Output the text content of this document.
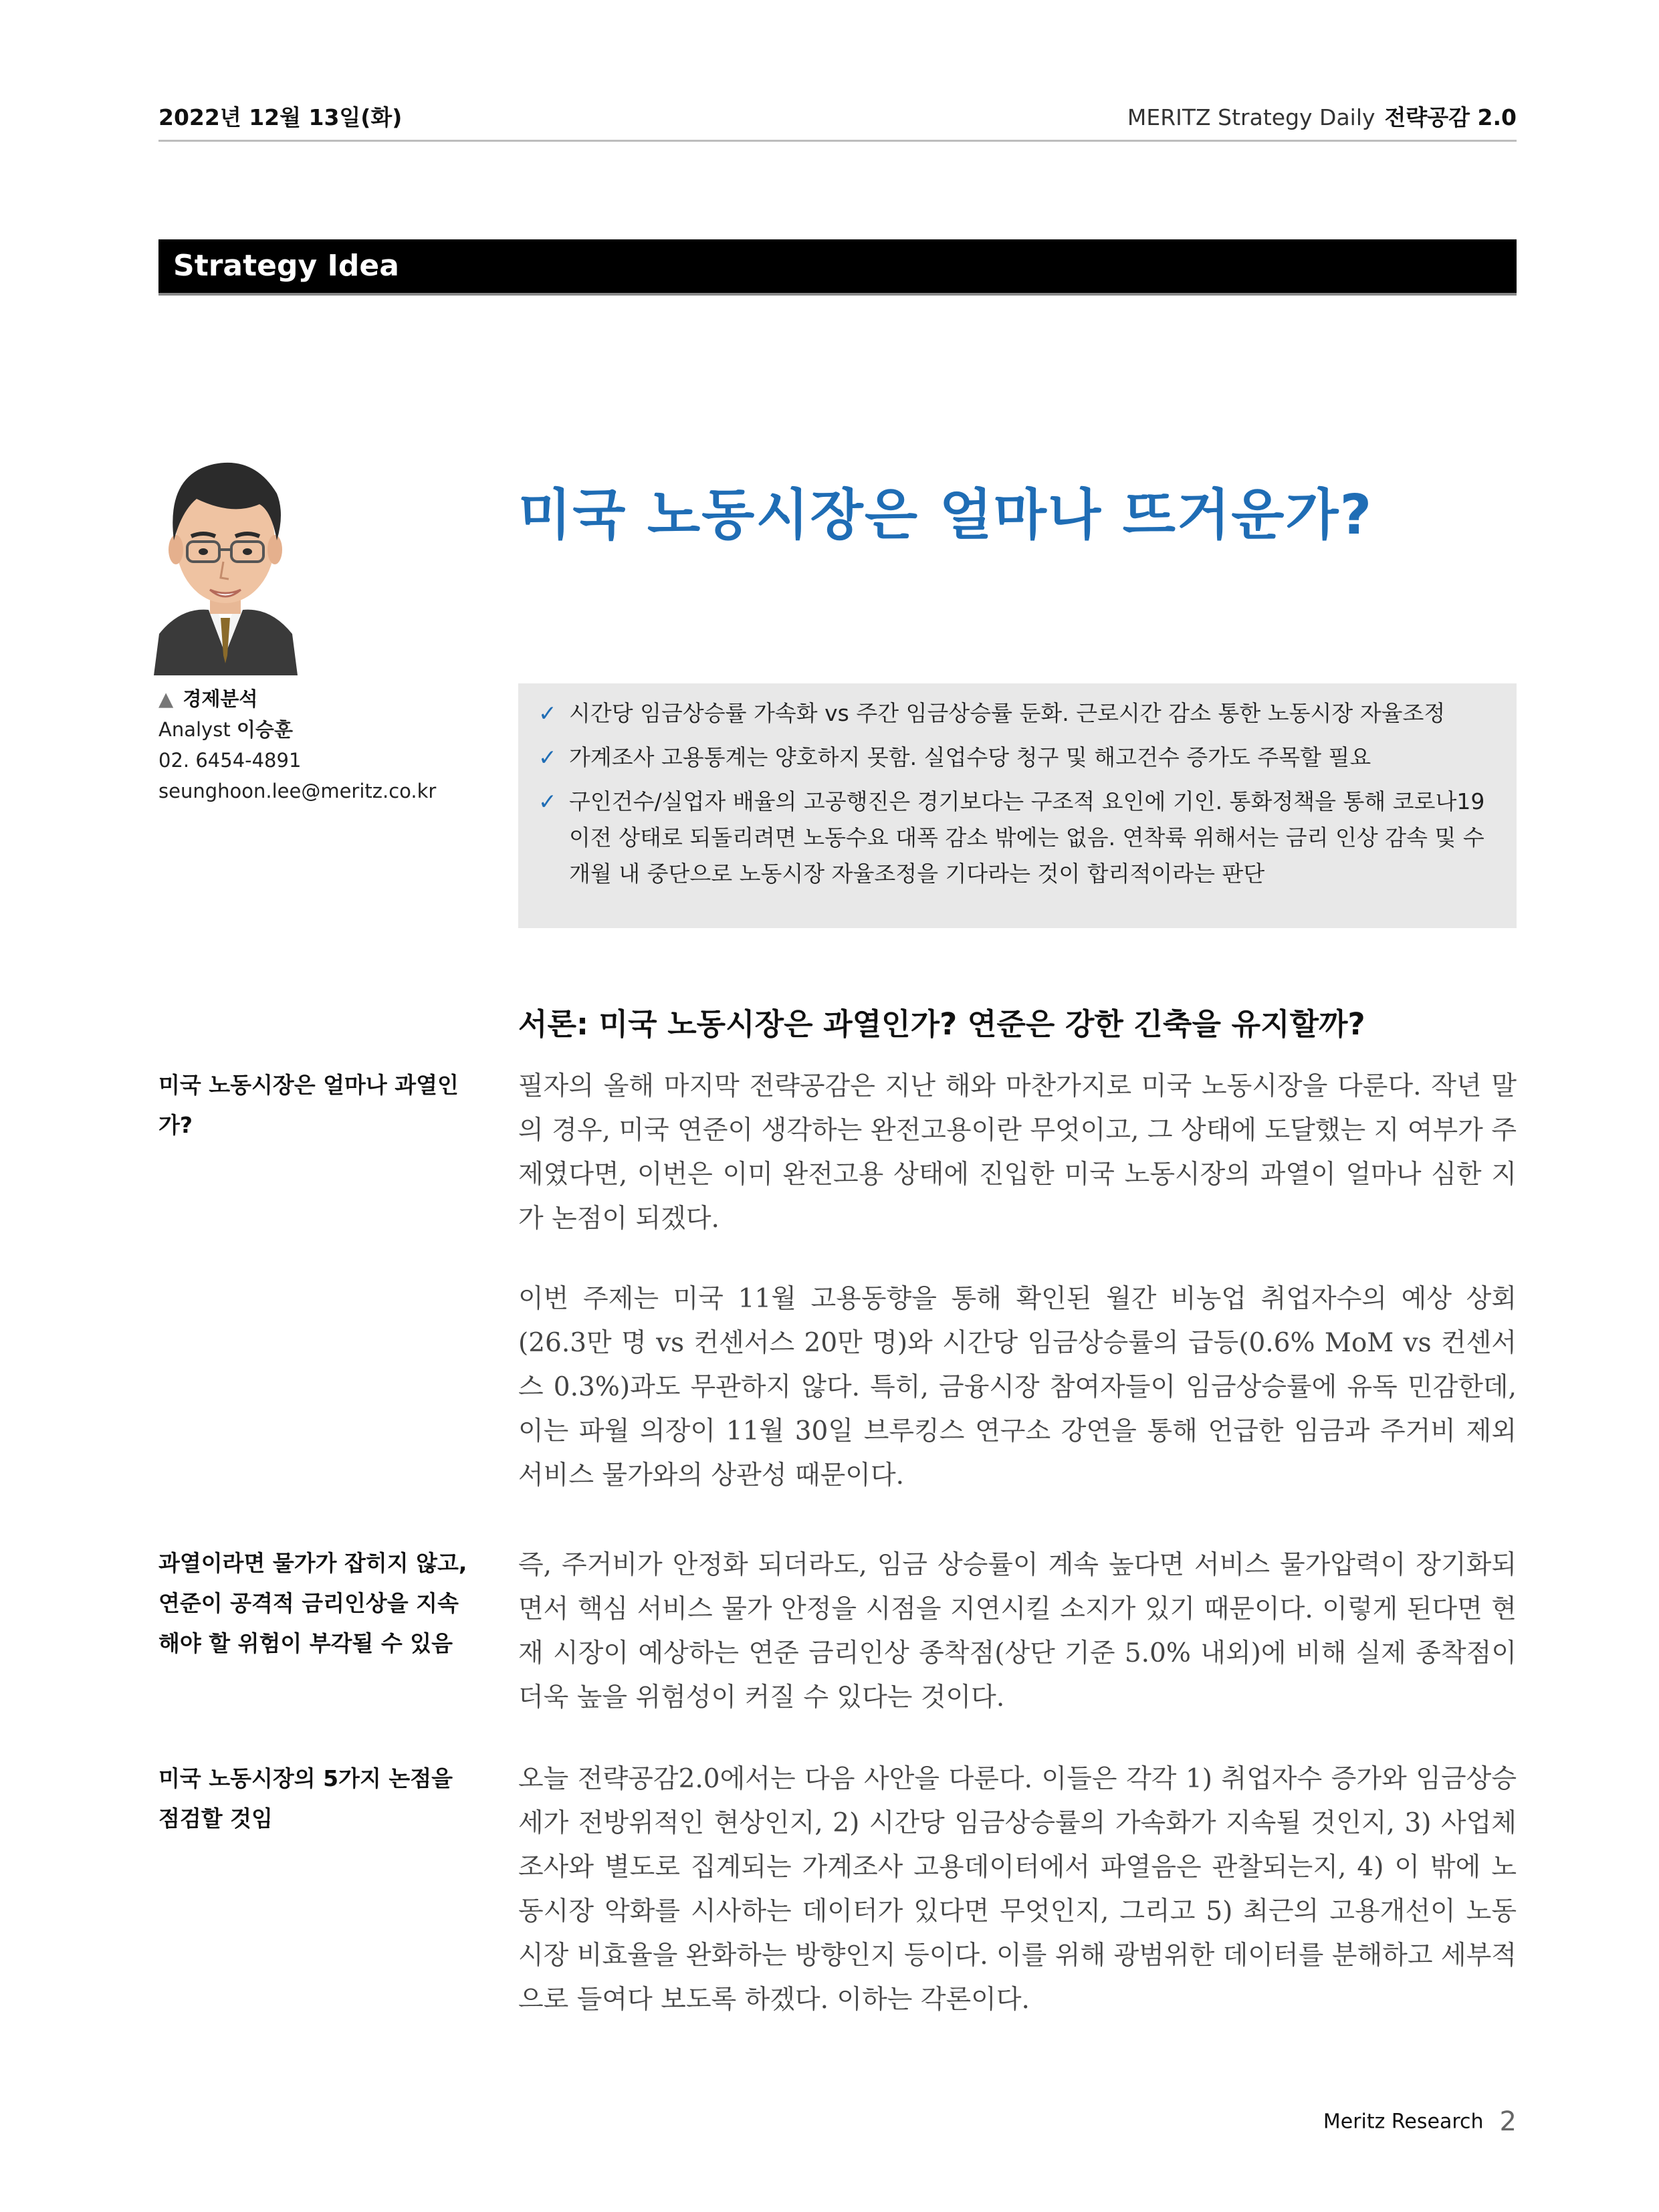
2022년 12월 13일(화)	MERITZ Strategy Daily 전략공감 2.0
Strategy Idea
미국 노동시장은 얼마나 뜨거운가?
▲ 경제분석
Analyst 이승훈
02. 6454-4891
seunghoon.lee@meritz.co.kr
✓ 시간당 임금상승률 가속화 vs 주간 임금상승률 둔화. 근로시간 감소 통한 노동시장 자율조정
✓ 가계조사 고용통계는 양호하지 못함. 실업수당 청구 및 해고건수 증가도 주목할 필요
✓ 구인건수/실업자 배율의 고공행진은 경기보다는 구조적 요인에 기인. 통화정책을 통해 코로나19 이전 상태로 되돌리려면 노동수요 대폭 감소 밖에는 없음. 연착륙 위해서는 금리 인상 감속 및 수 개월 내 중단으로 노동시장 자율조정을 기다라는 것이 합리적이라는 판단
서론: 미국 노동시장은 과열인가? 연준은 강한 긴축을 유지할까?
미국 노동시장은 얼마나 과열인가?
과열이라면 물가가 잡히지 않고, 연준이 공격적 금리인상을 지속해야 할 위험이 부각될 수 있음
미국 노동시장의 5가지 논점을 점검할 것임

필자의 올해 마지막 전략공감은 지난 해와 마찬가지로 미국 노동시장을 다룬다. 작년 말의 경우, 미국 연준이 생각하는 완전고용이란 무엇이고, 그 상태에 도달했는 지 여부가 주제였다면, 이번은 이미 완전고용 상태에 진입한 미국 노동시장의 과열이 얼마나 심한 지가 논점이 되겠다.

이번 주제는 미국 11월 고용동향을 통해 확인된 월간 비농업 취업자수의 예상 상회(26.3만 명 vs 컨센서스 20만 명)와 시간당 임금상승률의 급등(0.6% MoM vs 컨센서스 0.3%)과도 무관하지 않다. 특히, 금융시장 참여자들이 임금상승률에 유독 민감한데, 이는 파월 의장이 11월 30일 브루킹스 연구소 강연을 통해 언급한 임금과 주거비 제외 서비스 물가와의 상관성 때문이다.

즉, 주거비가 안정화 되더라도, 임금 상승률이 계속 높다면 서비스 물가압력이 장기화되면서 핵심 서비스 물가 안정을 시점을 지연시킬 소지가 있기 때문이다. 이렇게 된다면 현재 시장이 예상하는 연준 금리인상 종착점(상단 기준 5.0% 내외)에 비해 실제 종착점이 더욱 높을 위험성이 커질 수 있다는 것이다.

오늘 전략공감2.0에서는 다음 사안을 다룬다. 이들은 각각 1) 취업자수 증가와 임금상승세가 전방위적인 현상인지, 2) 시간당 임금상승률의 가속화가 지속될 것인지, 3) 사업체 조사와 별도로 집계되는 가계조사 고용데이터에서 파열음은 관찰되는지, 4) 이 밖에 노동시장 악화를 시사하는 데이터가 있다면 무엇인지, 그리고 5) 최근의 고용개선이 노동시장 비효율을 완화하는 방향인지 등이다. 이를 위해 광범위한 데이터를 분해하고 세부적으로 들여다 보도록 하겠다. 이하는 각론이다.

Meritz Research 2
